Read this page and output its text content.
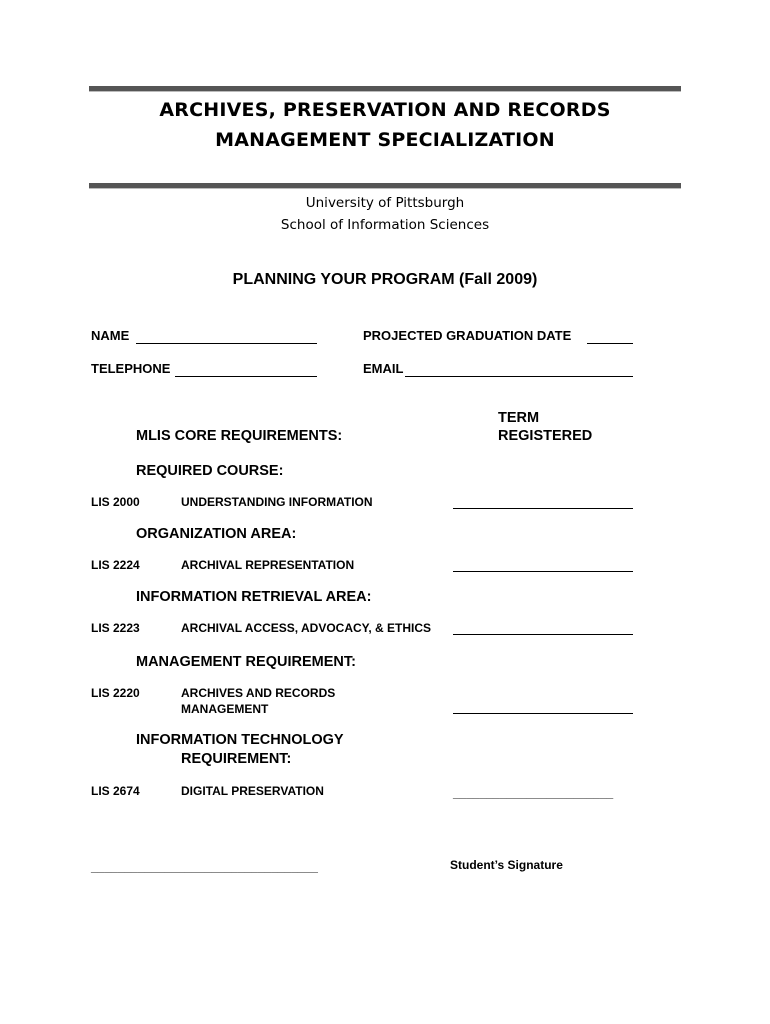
ARCHIVES, PRESERVATION AND RECORDS
MANAGEMENT SPECIALIZATION
University of Pittsburgh
School of Information Sciences
PLANNING YOUR PROGRAM (Fall 2009)
NAME	PROJECTED GRADUATION DATE
TELEPHONE	EMAIL
MLIS CORE REQUIREMENTS:
TERM
REGISTERED
REQUIRED COURSE:
LIS 2000	UNDERSTANDING INFORMATION
ORGANIZATION AREA:
LIS 2224	ARCHIVAL REPRESENTATION
INFORMATION RETRIEVAL AREA:
LIS 2223	ARCHIVAL ACCESS, ADVOCACY, & ETHICS
MANAGEMENT REQUIREMENT:
LIS 2220	ARCHIVES AND RECORDS
MANAGEMENT
INFORMATION TECHNOLOGY
REQUIREMENT:
LIS 2674	DIGITAL PRESERVATION	________________________
__________________________________	Student’s Signature
